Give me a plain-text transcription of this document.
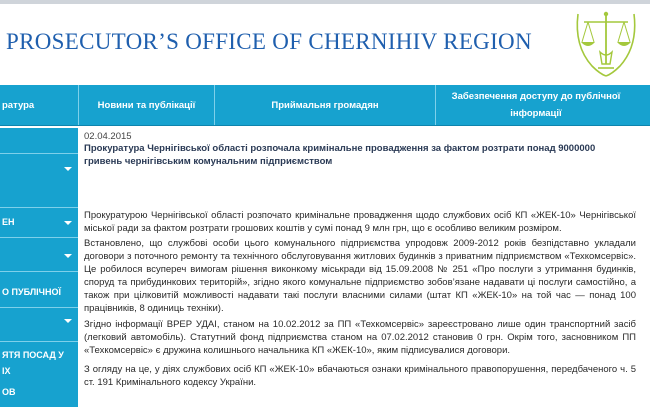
PROSECUTOR’S OFFICE OF CHERNIHIV REGION
ратура	Новини та публікації	Приймальня громадян
Забезпечення доступу до публічної інформації
ЕН
О ПУБЛІЧНОЇ
ЯТЯ ПОСАД У
ІХ
ОВ
02.04.2015
Прокуратура Чернігівської області розпочала кримінальне провадження за фактом розтрати понад 9000000 гривень чернігівським комунальним підприємством
Прокуратурою Чернігівської області розпочато кримінальне провадження щодо службових осіб КП «ЖЕК-10» Чернігівської міської ради за фактом розтрати грошових коштів у сумі понад 9 млн грн, що є особливо великим розміром.
Встановлено, що службові особи цього комунального підприємства упродовж 2009-2012 років безпідставно укладали договори з поточного ремонту та технічного обслуговування житлових будинків з приватним підприємством «Техкомсервіс». Це робилося всупереч вимогам рішення виконкому міськради від 15.09.2008 № 251 «Про послуги з утримання будинків, споруд та прибудинкових територій», згідно якого комунальне підприємство зобов’язане надавати ці послуги самостійно, а також при цілковитій можливості надавати такі послуги власними силами (штат КП «ЖЕК-10» на той час — понад 100 працівників, 8 одиниць техніки).
Згідно інформації ВРЕР УДАІ, станом на 10.02.2012 за ПП «Техкомсервіс» зареєстровано лише один транспортний засіб (легковий автомобіль). Статутний фонд підприємства станом на 07.02.2012 становив 0 грн. Окрім того, засновником ПП «Техкомсервіс» є дружина колишнього начальника КП «ЖЕК-10», яким підписувалися договори.
З огляду на це, у діях службових осіб КП «ЖЕК-10» вбачаються ознаки кримінального правопорушення, передбаченого ч. 5 ст. 191 Кримінального кодексу України.
